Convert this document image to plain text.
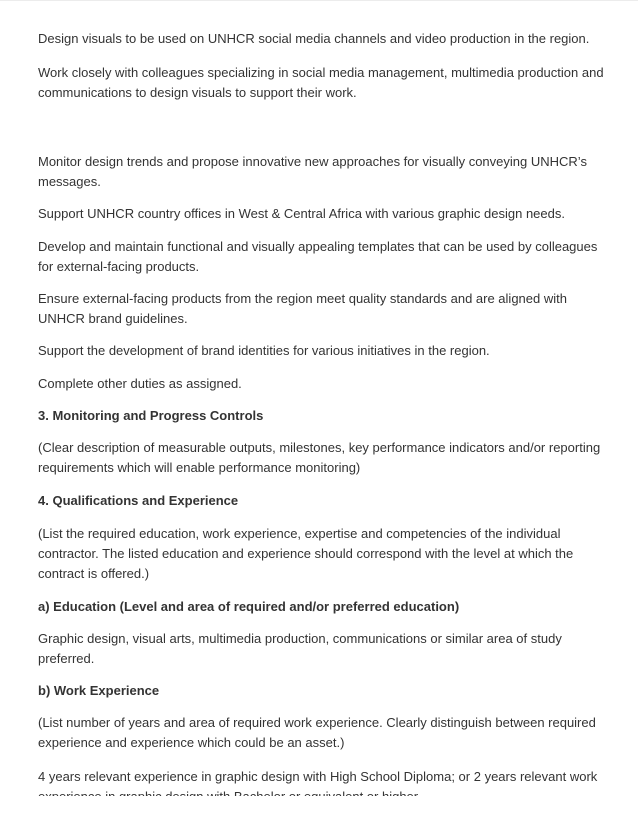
Design visuals to be used on UNHCR social media channels and video production in the region.

Work closely with colleagues specializing in social media management, multimedia production and
communications to design visuals to support their work.

Monitor design trends and propose innovative new approaches for visually conveying UNHCR’s
messages.

Support UNHCR country offices in West & Central Africa with various graphic design needs.

Develop and maintain functional and visually appealing templates that can be used by colleagues
for external-facing products.

Ensure external-facing products from the region meet quality standards and are aligned with
UNHCR brand guidelines.

Support the development of brand identities for various initiatives in the region.

Complete other duties as assigned.

3. Monitoring and Progress Controls

(Clear description of measurable outputs, milestones, key performance indicators and/or reporting
requirements which will enable performance monitoring)

4. Qualifications and Experience

(List the required education, work experience, expertise and competencies of the individual
contractor. The listed education and experience should correspond with the level at which the
contract is offered.)

a) Education (Level and area of required and/or preferred education)

Graphic design, visual arts, multimedia production, communications or similar area of study
preferred.

b) Work Experience

(List number of years and area of required work experience. Clearly distinguish between required
experience and experience which could be an asset.)

4 years relevant experience in graphic design with High School Diploma; or 2 years relevant work
